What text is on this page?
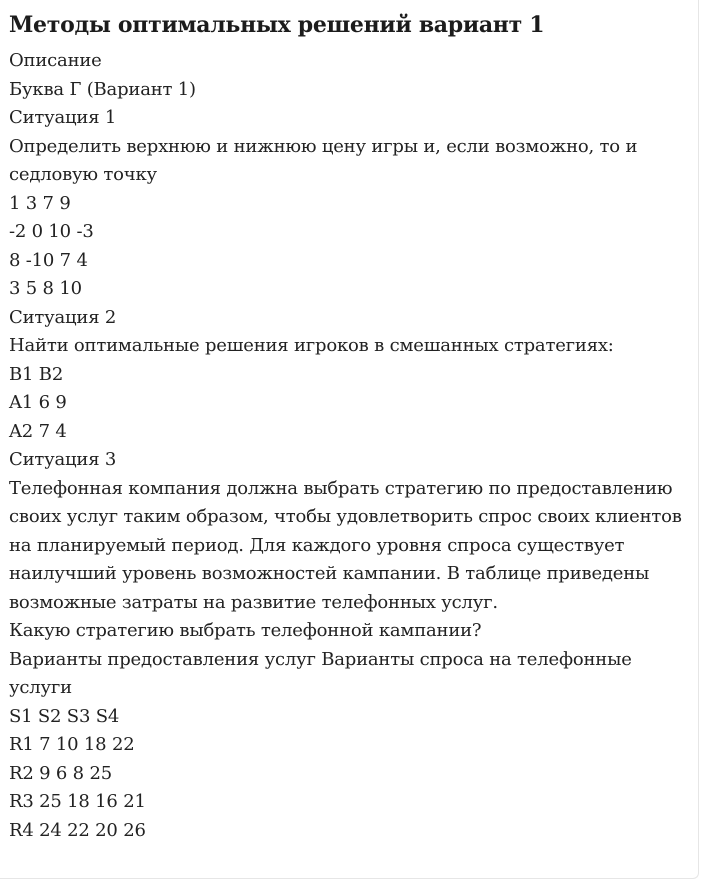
Методы оптимальных решений вариант 1
Описание
Буква Г (Вариант 1)
Ситуация 1
Определить верхнюю и нижнюю цену игры и, если возможно, то и седловую точку
1 3 7 9
-2 0 10 -3
8 -10 7 4
3 5 8 10
Ситуация 2
Найти оптимальные решения игроков в смешанных стратегиях:
B1 B2
A1 6 9
A2 7 4
Ситуация 3
Телефонная компания должна выбрать стратегию по предоставлению своих услуг таким образом, чтобы удовлетворить спрос своих клиентов на планируемый период. Для каждого уровня спроса существует наилучший уровень возможностей кампании. В таблице приведены возможные затраты на развитие телефонных услуг.
Какую стратегию выбрать телефонной кампании?
Варианты предоставления услуг Варианты спроса на телефонные услуги
S1 S2 S3 S4
R1 7 10 18 22
R2 9 6 8 25
R3 25 18 16 21
R4 24 22 20 26
